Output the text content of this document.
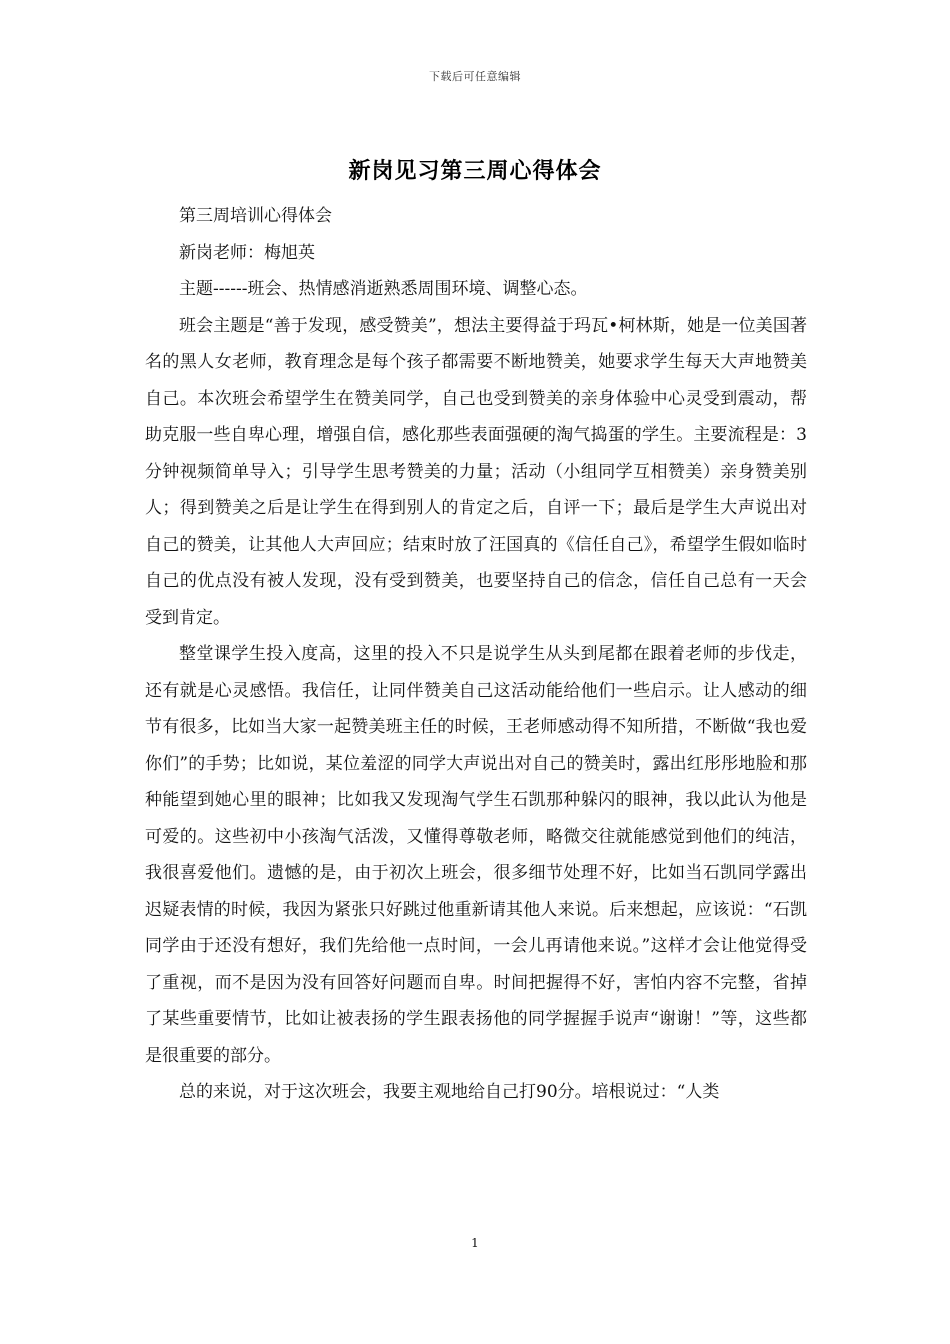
下载后可任意编辑
新岗见习第三周心得体会

第三周培训心得体会

新岗老师：梅旭英

主题------班会、热情感消逝熟悉周围环境、调整心态。

班会主题是“善于发现，感受赞美”，想法主要得益于玛瓦•柯林斯，她是一位美国著名的黑人女老师，教育理念是每个孩子都需要不断地赞美，她要求学生每天大声地赞美自己。本次班会希望学生在赞美同学，自己也受到赞美的亲身体验中心灵受到震动，帮助克服一些自卑心理，增强自信，感化那些表面强硬的淘气捣蛋的学生。主要流程是：3分钟视频简单导入；引导学生思考赞美的力量；活动（小组同学互相赞美）亲身赞美别人；得到赞美之后是让学生在得到别人的肯定之后，自评一下；最后是学生大声说出对自己的赞美，让其他人大声回应；结束时放了汪国真的《信任自己》，希望学生假如临时自己的优点没有被人发现，没有受到赞美，也要坚持自己的信念，信任自己总有一天会受到肯定。

整堂课学生投入度高，这里的投入不只是说学生从头到尾都在跟着老师的步伐走，还有就是心灵感悟。我信任，让同伴赞美自己这活动能给他们一些启示。让人感动的细节有很多，比如当大家一起赞美班主任的时候，王老师感动得不知所措，不断做“我也爱你们”的手势；比如说，某位羞涩的同学大声说出对自己的赞美时，露出红彤彤地脸和那种能望到她心里的眼神；比如我又发现淘气学生石凯那种躲闪的眼神，我以此认为他是可爱的。这些初中小孩淘气活泼，又懂得尊敬老师，略微交往就能感觉到他们的纯洁，我很喜爱他们。遗憾的是，由于初次上班会，很多细节处理不好，比如当石凯同学露出迟疑表情的时候，我因为紧张只好跳过他重新请其他人来说。后来想起，应该说：“石凯同学由于还没有想好，我们先给他一点时间，一会儿再请他来说。”这样才会让他觉得受了重视，而不是因为没有回答好问题而自卑。时间把握得不好，害怕内容不完整，省掉了某些重要情节，比如让被表扬的学生跟表扬他的同学握握手说声“谢谢！”等，这些都是很重要的部分。

总的来说，对于这次班会，我要主观地给自己打90分。培根说过：“人类

1
